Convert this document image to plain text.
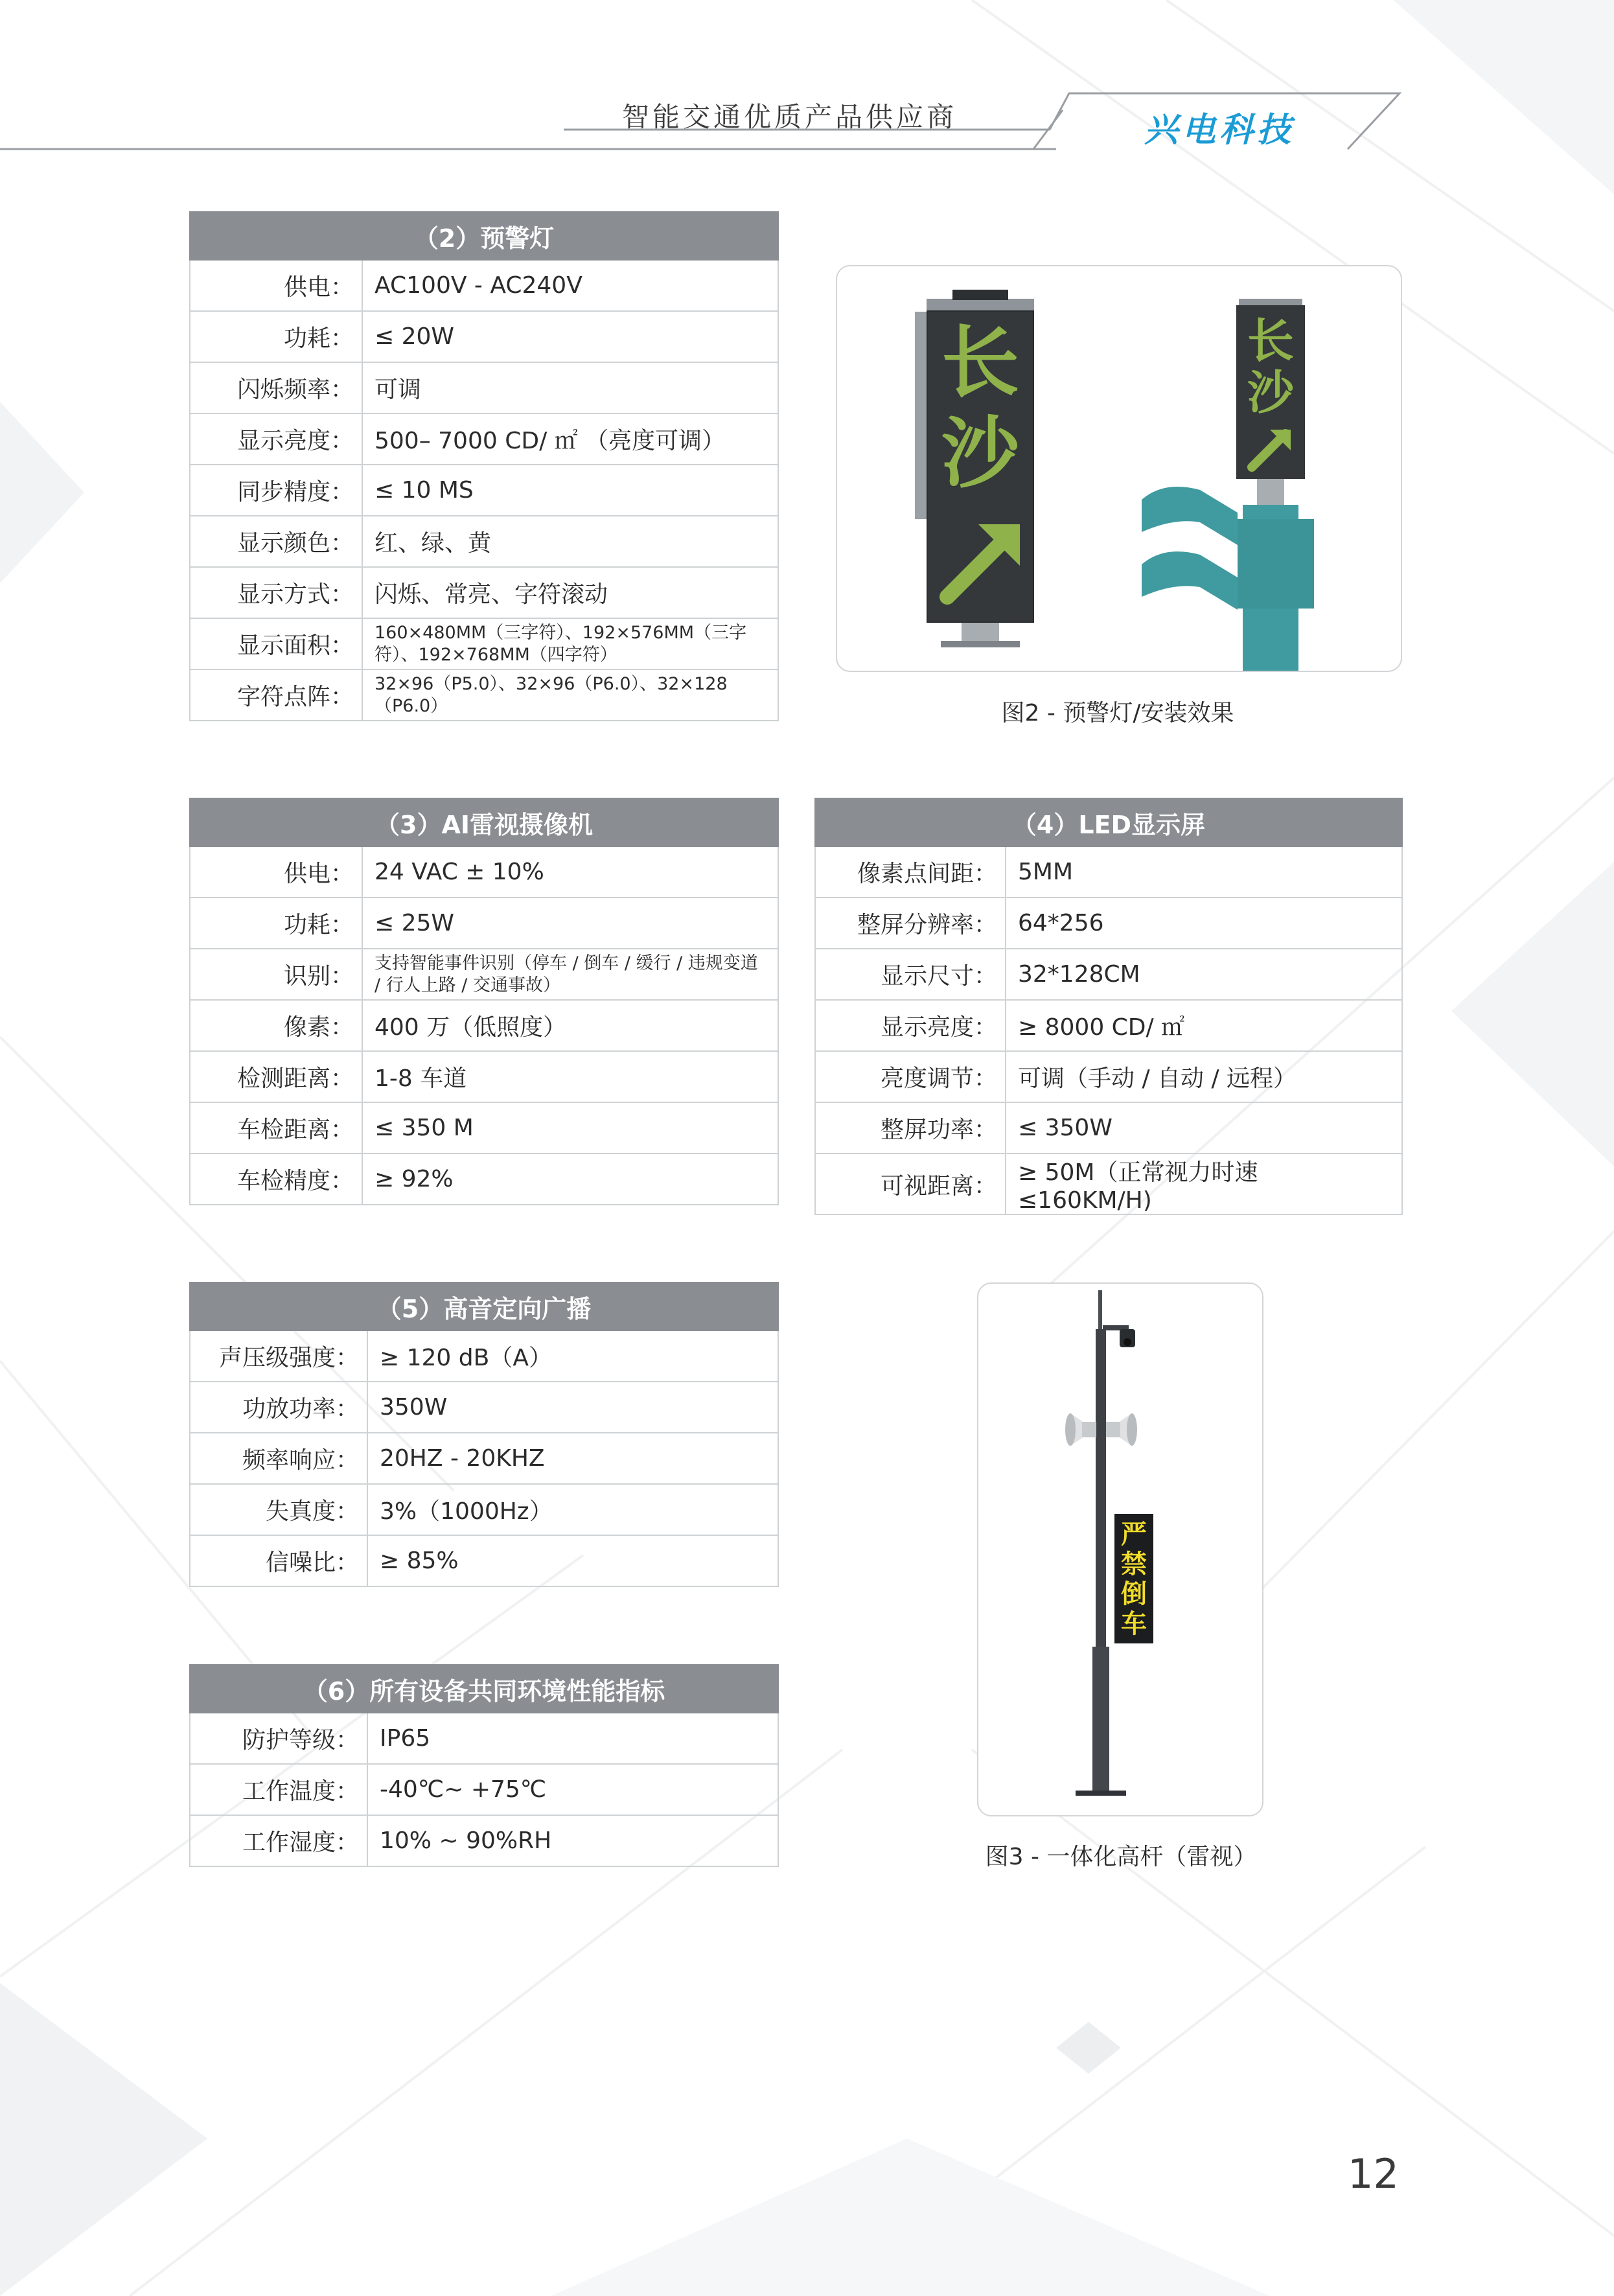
智能交通优质产品供应商	兴电科技
（2）预警灯	
供电：	AC100V - AC240V
功耗：	≤ 20W
闪烁频率：	可调
显示亮度：	500– 7000 CD/ ㎡ （亮度可调）
同步精度：	≤ 10 MS
显示颜色：	红、绿、黄
显示方式：	闪烁、常亮、字符滚动
显示面积：	160×480MM（三字符）、192×576MM（三字符）、192×768MM（四字符）
字符点阵：	32×96（P5.0）、32×96（P6.0）、32×128（P6.0）
长
沙
长
沙
图2 - 预警灯/安装效果
（3）AI雷视摄像机	
供电：	24 VAC ± 10%
功耗：	≤ 25W
识别：	支持智能事件识别（停车 / 倒车 / 缓行 / 违规变道 / 行人上路 / 交通事故）
像素：	400 万（低照度）
检测距离：	1-8 车道
车检距离：	≤ 350 M
车检精度：	≥ 92%
（4）LED显示屏	
像素点间距：	5MM
整屏分辨率：	64*256
显示尺寸：	32*128CM
显示亮度：	≥ 8000 CD/ ㎡
亮度调节：	可调（手动 / 自动 / 远程）
整屏功率：	≤ 350W
可视距离：	≥ 50M（正常视力时速≤160KM/H)
（5）高音定向广播	
声压级强度：	≥ 120 dB（A）
功放功率：	350W
频率响应：	20HZ - 20KHZ
失真度：	3%（1000Hz）
信噪比：	≥ 85%
严
禁
倒
车
图3 - 一体化高杆（雷视）
（6）所有设备共同环境性能指标	
防护等级：	IP65
工作温度：	-40℃~ +75℃
工作湿度：	10% ~ 90%RH
12
